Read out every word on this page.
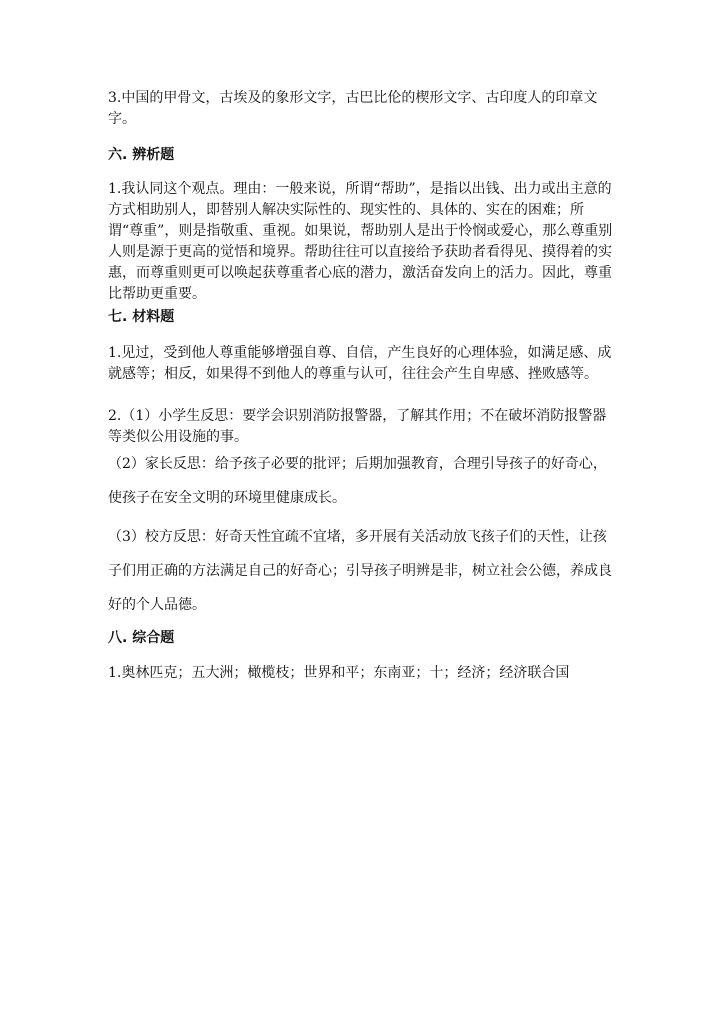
3.中国的甲骨文，古埃及的象形文字，古巴比伦的楔形文字、古印度人的印章文字。
六. 辨析题
1.我认同这个观点。理由：一般来说，所谓“帮助”，是指以出钱、出力或出主意的方式相助别人，即替别人解决实际性的、现实性的、具体的、实在的困难；所谓“尊重”，则是指敬重、重视。如果说，帮助别人是出于怜悯或爱心，那么尊重别人则是源于更高的觉悟和境界。帮助往往可以直接给予获助者看得见、摸得着的实惠，而尊重则更可以唤起获尊重者心底的潜力，激活奋发向上的活力。因此，尊重比帮助更重要。
七. 材料题
1.见过，受到他人尊重能够增强自尊、自信，产生良好的心理体验，如满足感、成就感等；相反，如果得不到他人的尊重与认可，往往会产生自卑感、挫败感等。
2.（1）小学生反思：要学会识别消防报警器，了解其作用；不在破坏消防报警器等类似公用设施的事。
（2）家长反思：给予孩子必要的批评；后期加强教育，合理引导孩子的好奇心，使孩子在安全文明的环境里健康成长。
（3）校方反思：好奇天性宜疏不宜堵，多开展有关活动放飞孩子们的天性，让孩子们用正确的方法满足自己的好奇心；引导孩子明辨是非，树立社会公德，养成良好的个人品德。
八. 综合题
1.奥林匹克；五大洲；橄榄枝；世界和平；东南亚；十；经济；经济联合国
